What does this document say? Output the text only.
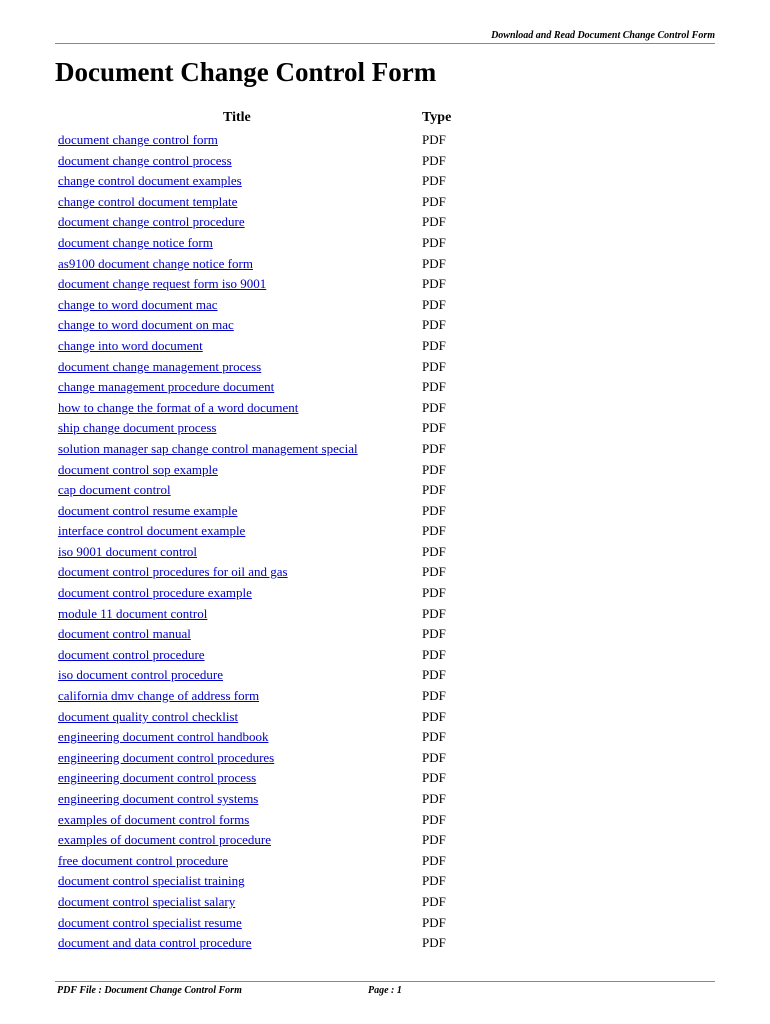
Download and Read Document Change Control Form
Document Change Control Form
Title	Type
document change control form	PDF
document change control process	PDF
change control document examples	PDF
change control document template	PDF
document change control procedure	PDF
document change notice form	PDF
as9100 document change notice form	PDF
document change request form iso 9001	PDF
change to word document mac	PDF
change to word document on mac	PDF
change into word document	PDF
document change management process	PDF
change management procedure document	PDF
how to change the format of a word document	PDF
ship change document process	PDF
solution manager sap change control management special	PDF
document control sop example	PDF
cap document control	PDF
document control resume example	PDF
interface control document example	PDF
iso 9001 document control	PDF
document control procedures for oil and gas	PDF
document control procedure example	PDF
module 11 document control	PDF
document control manual	PDF
document control procedure	PDF
iso document control procedure	PDF
california dmv change of address form	PDF
document quality control checklist	PDF
engineering document control handbook	PDF
engineering document control procedures	PDF
engineering document control process	PDF
engineering document control systems	PDF
examples of document control forms	PDF
examples of document control procedure	PDF
free document control procedure	PDF
document control specialist training	PDF
document control specialist salary	PDF
document control specialist resume	PDF
document and data control procedure	PDF
PDF File : Document Change Control Form	Page : 1
